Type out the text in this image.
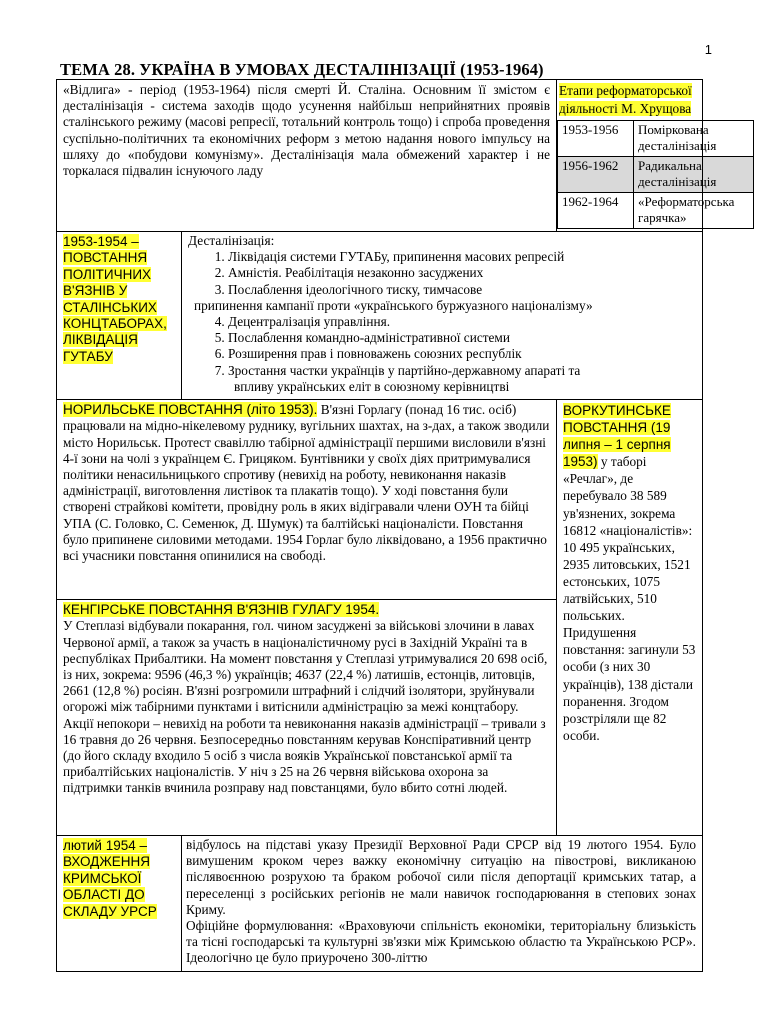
1
ТЕМА 28. УКРАЇНА В УМОВАХ ДЕСТАЛІНІЗАЦІЇ (1953-1964)
«Відлига» - період (1953-1964) після смерті Й. Сталіна. Основним її змістом є десталінізація - система заходів щодо усунення найбільш неприйнятних проявів сталінського режиму (масові репресії, тотальний контроль тощо) і спроба проведення суспільно-політичних та економічних реформ з метою надання нового імпульсу на шляху до «побудови комунізму». Десталінізація мала обмежений характер і не торкалася підвалин існуючого ладу
	Етапи реформаторської діяльності М. Хрущова
1953-1956	Поміркована десталінізація
1956-1962	Радикальна десталінізація
1962-1964	«Реформаторська гарячка»

1953-1954 – ПОВСТАННЯ ПОЛІТИЧНИХ В'ЯЗНІВ У СТАЛІНСЬКИХ КОНЦТАБОРАХ, ЛІКВІДАЦІЯ ГУТАБУ

Десталінізація:
1. Ліквідація системи ГУТАБу, припинення масових репресій
2. Амністія. Реабілітація незаконно засуджених
3. Послаблення ідеологічного тиску, тимчасове
припинення кампанії проти «українського буржуазного націоналізму»
4. Децентралізація управління.
5. Послаблення командно-адміністративної системи
6. Розширення прав і повноважень союзних республік
7. Зростання частки українців у партійно-державному апараті та
впливу українських еліт в союзному керівництві

НОРИЛЬСЬКЕ ПОВСТАННЯ (літо 1953). В'язні Горлагу (понад 16 тис. осіб) працювали на мідно-нікелевому руднику, вугільних шахтах, на з-дах, а також зводили місто Норильськ. Протест свавіллю табірної адміністрації першими висловили в'язні 4-ї зони на чолі з українцем Є. Грицяком. Бунтівники у своїх діях притримувалися політики ненасильницького спротиву (невихід на роботу, невиконання наказів адміністрації, виготовлення листівок та плакатів тощо). У ході повстання були створені страйкові комітети, провідну роль в яких відігравали члени ОУН та бійці УПА (С. Головко, С. Семенюк, Д. Шумук) та балтійські націоналісти. Повстання було припинене силовими методами. 1954 Горлаг було ліквідовано, а 1956 практично всі учасники повстання опинилися на свободі.

ВОРКУТИНСЬКЕ ПОВСТАННЯ (19 липня – 1 серпня 1953) у таборі «Речлаг», де перебувало 38 589 ув'язнених, зокрема 16812 «націоналістів»: 10 495 українських, 2935 литовських, 1521 естонських, 1075 латвійських, 510 польських. Придушення повстання: загинули 53 особи (з них 30 українців), 138 дістали поранення. Згодом розстріляли ще 82 особи.

КЕНГІРСЬКЕ ПОВСТАННЯ В'ЯЗНІВ ГУЛАГУ 1954.
У Степлазі відбували покарання, гол. чином засуджені за військові злочини в лавах Червоної армії, а також за участь в націоналістичному русі в Західній Україні та в республіках Прибалтики. На момент повстання у Степлазі утримувалися 20 698 осіб, із них, зокрема: 9596 (46,3 %) українців; 4637 (22,4 %) латишів, естонців, литовців, 2661 (12,8 %) росіян. В'язні розгромили штрафний і слідчий ізолятори, зруйнували огорожі між табірними пунктами і витіснили адміністрацію за межі концтабору. Акції непокори – невихід на роботи та невиконання наказів адміністрації – тривали з 16 травня до 26 червня. Безпосередньо повстанням керував Конспіративний центр (до його складу входило 5 осіб з числа вояків Української повстанської армії та прибалтійських націоналістів. У ніч з 25 на 26 червня військова охорона за підтримки танків вчинила розправу над повстанцями, було вбито сотні людей.

лютий 1954 – ВХОДЖЕННЯ КРИМСЬКОЇ ОБЛАСТІ ДО СКЛАДУ УРСР

відбулось на підставі указу Президії Верховної Ради СРСР від 19 лютого 1954. Було вимушеним кроком через важку економічну ситуацію на півострові, викликаною післявоєнною розрухою та браком робочої сили після депортації кримських татар, а переселенці з російських регіонів не мали навичок господарювання в степових зонах Криму.
Офіційне формулювання: «Враховуючи спільність економіки, територіальну близькість та тісні господарські та культурні зв'язки між Кримською областю та Українською РСР». Ідеологічно це було приурочено 300-літтю
